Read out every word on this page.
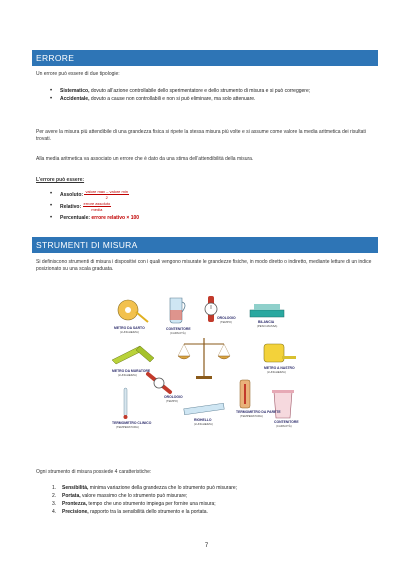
ERRORE
Un errore può essere di due tipologie:
• Sistematico, dovuto all’azione controllabile dello sperimentatore e dello strumento di misura e si può correggere;
• Accidentale, dovuto a cause non controllabili e non si può eliminare, ma solo attenuare.
Per avere la misura più attendibile di una grandezza fisica si ripete la stessa misura più volte e si assume come valore la media aritmetica dei risultati trovati.
Alla media aritmetica va associato un errore che è dato da una stima dell’attendibilità della misura.
L’errore può essere:
• Assoluto: $\frac{\text{valore max – valore min}}{2}$
• Relativo: $\frac{\text{errore assoluto}}{\text{media}}$
• Percentuale: errore relativo × 100
STRUMENTI DI MISURA
Si definiscono strumenti di misura i dispositivi con i quali vengono misurate le grandezze fisiche, in modo diretto o indiretto, mediante letture di un indice posizionato su una scala graduata.
METRO DA SARTO
(LUNGHEZZA)
CONTENITORE
(CAPACITÀ)
OROLOGIO
(TEMPO)	BILANCIA
(PESO-MASSA)
METRO DA MURATORE
(LUNGHEZZA)
OROLOGIO
(TEMPO)
METRO A NASTRO
(LUNGHEZZA)
TERMOMETRO CLINICO
(TEMPERATURA)
TERMOMETRO DA PARETE
(TEMPERATURA)
RIGHELLO
(LUNGHEZZA)	CONTENITORE
(CAPACITÀ)
Ogni strumento di misura possiede 4 caratteristiche:
1. Sensibilità, minima variazione della grandezza che lo strumento può misurare;
2. Portata, valore massimo che lo strumento può misurare;
3. Prontezza, tempo che uno strumento impiega per fornire una misura;
4. Precisione, rapporto tra la sensibilità dello strumento e la portata.
7
